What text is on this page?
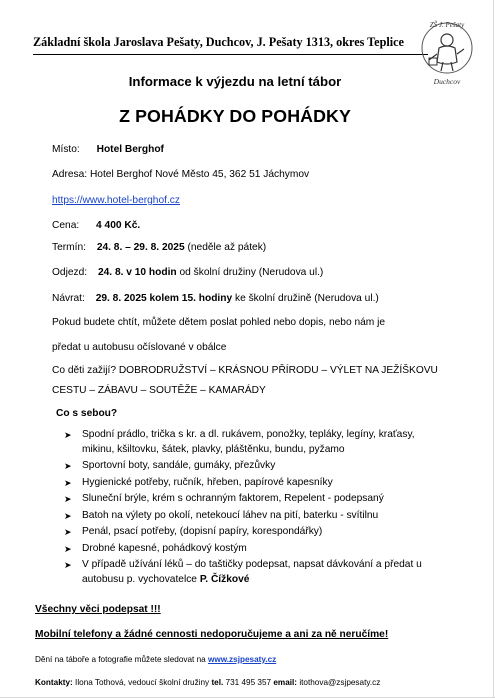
Základní škola Jaroslava Pešaty, Duchcov, J. Pešaty 1313, okres Teplice
ZŠ J. Pešaty
Duchcov
Informace k výjezdu na letní tábor
Z POHÁDKY DO POHÁDKY
Místo: Hotel Berghof
Adresa: Hotel Berghof Nové Město 45, 362 51 Jáchymov
https://www.hotel-berghof.cz
Cena: 4 400 Kč.
Termín: 24. 8. – 29. 8. 2025 (neděle až pátek)
Odjezd: 24. 8. v 10 hodin od školní družiny (Nerudova ul.)
Návrat: 29. 8. 2025 kolem 15. hodiny ke školní družině (Nerudova ul.)
Pokud budete chtít, můžete dětem poslat pohled nebo dopis, nebo nám je
předat u autobusu očíslované v obálce
Co děti zažijí? DOBRODRUŽSTVÍ – KRÁSNOU PŘÍRODU – VÝLET NA JEŽÍŠKOVU
CESTU – ZÁBAVU – SOUTĚŽE – KAMARÁDY
Co s sebou?
➤ Spodní prádlo, trička s kr. a dl. rukávem, ponožky, tepláky, legíny, kraťasy,
mikinu, kšiltovku, šátek, plavky, pláštěnku, bundu, pyžamo
➤ Sportovní boty, sandále, gumáky, přezůvky
➤ Hygienické potřeby, ručník, hřeben, papírové kapesníky
➤ Sluneční brýle, krém s ochranným faktorem, Repelent - podepsaný
➤ Batoh na výlety po okolí, netekoucí láhev na pití, baterku - svítilnu
➤ Penál, psací potřeby, (dopisní papíry, korespondářky)
➤ Drobné kapesné, pohádkový kostým
➤ V případě užívání léků – do taštičky podepsat, napsat dávkování a předat u
autobusu p. vychovatelce P. Čížkové
Všechny věci podepsat !!!
Mobilní telefony a žádné cennosti nedoporučujeme a ani za ně neručíme!
Dění na táboře a fotografie můžete sledovat na www.zsjpesaty.cz
Kontakty: Ilona Tothová, vedoucí školní družiny tel. 731 495 357 email: itothova@zsjpesaty.cz
